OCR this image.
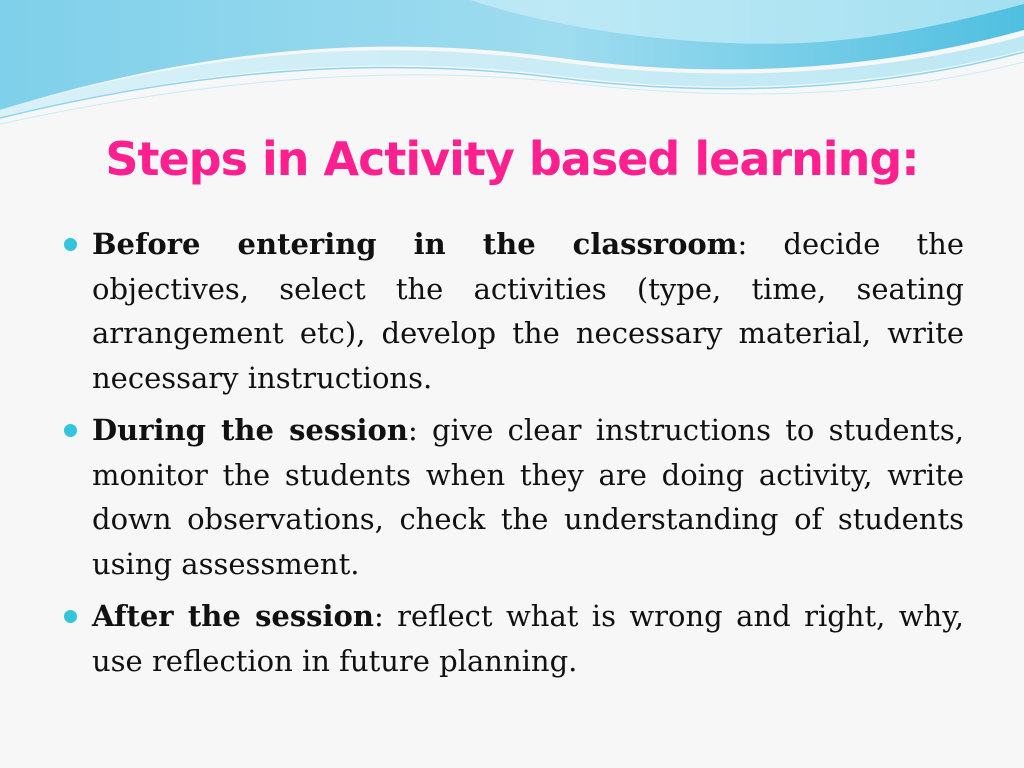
Steps in Activity based learning:
Before entering in the classroom: decide the objectives, select the activities (type, time, seating arrangement etc), develop the necessary material, write necessary instructions.
During the session: give clear instructions to students, monitor the students when they are doing activity, write down observations, check the understanding of students using assessment.
After the session: reflect what is wrong and right, why, use reflection in future planning.
